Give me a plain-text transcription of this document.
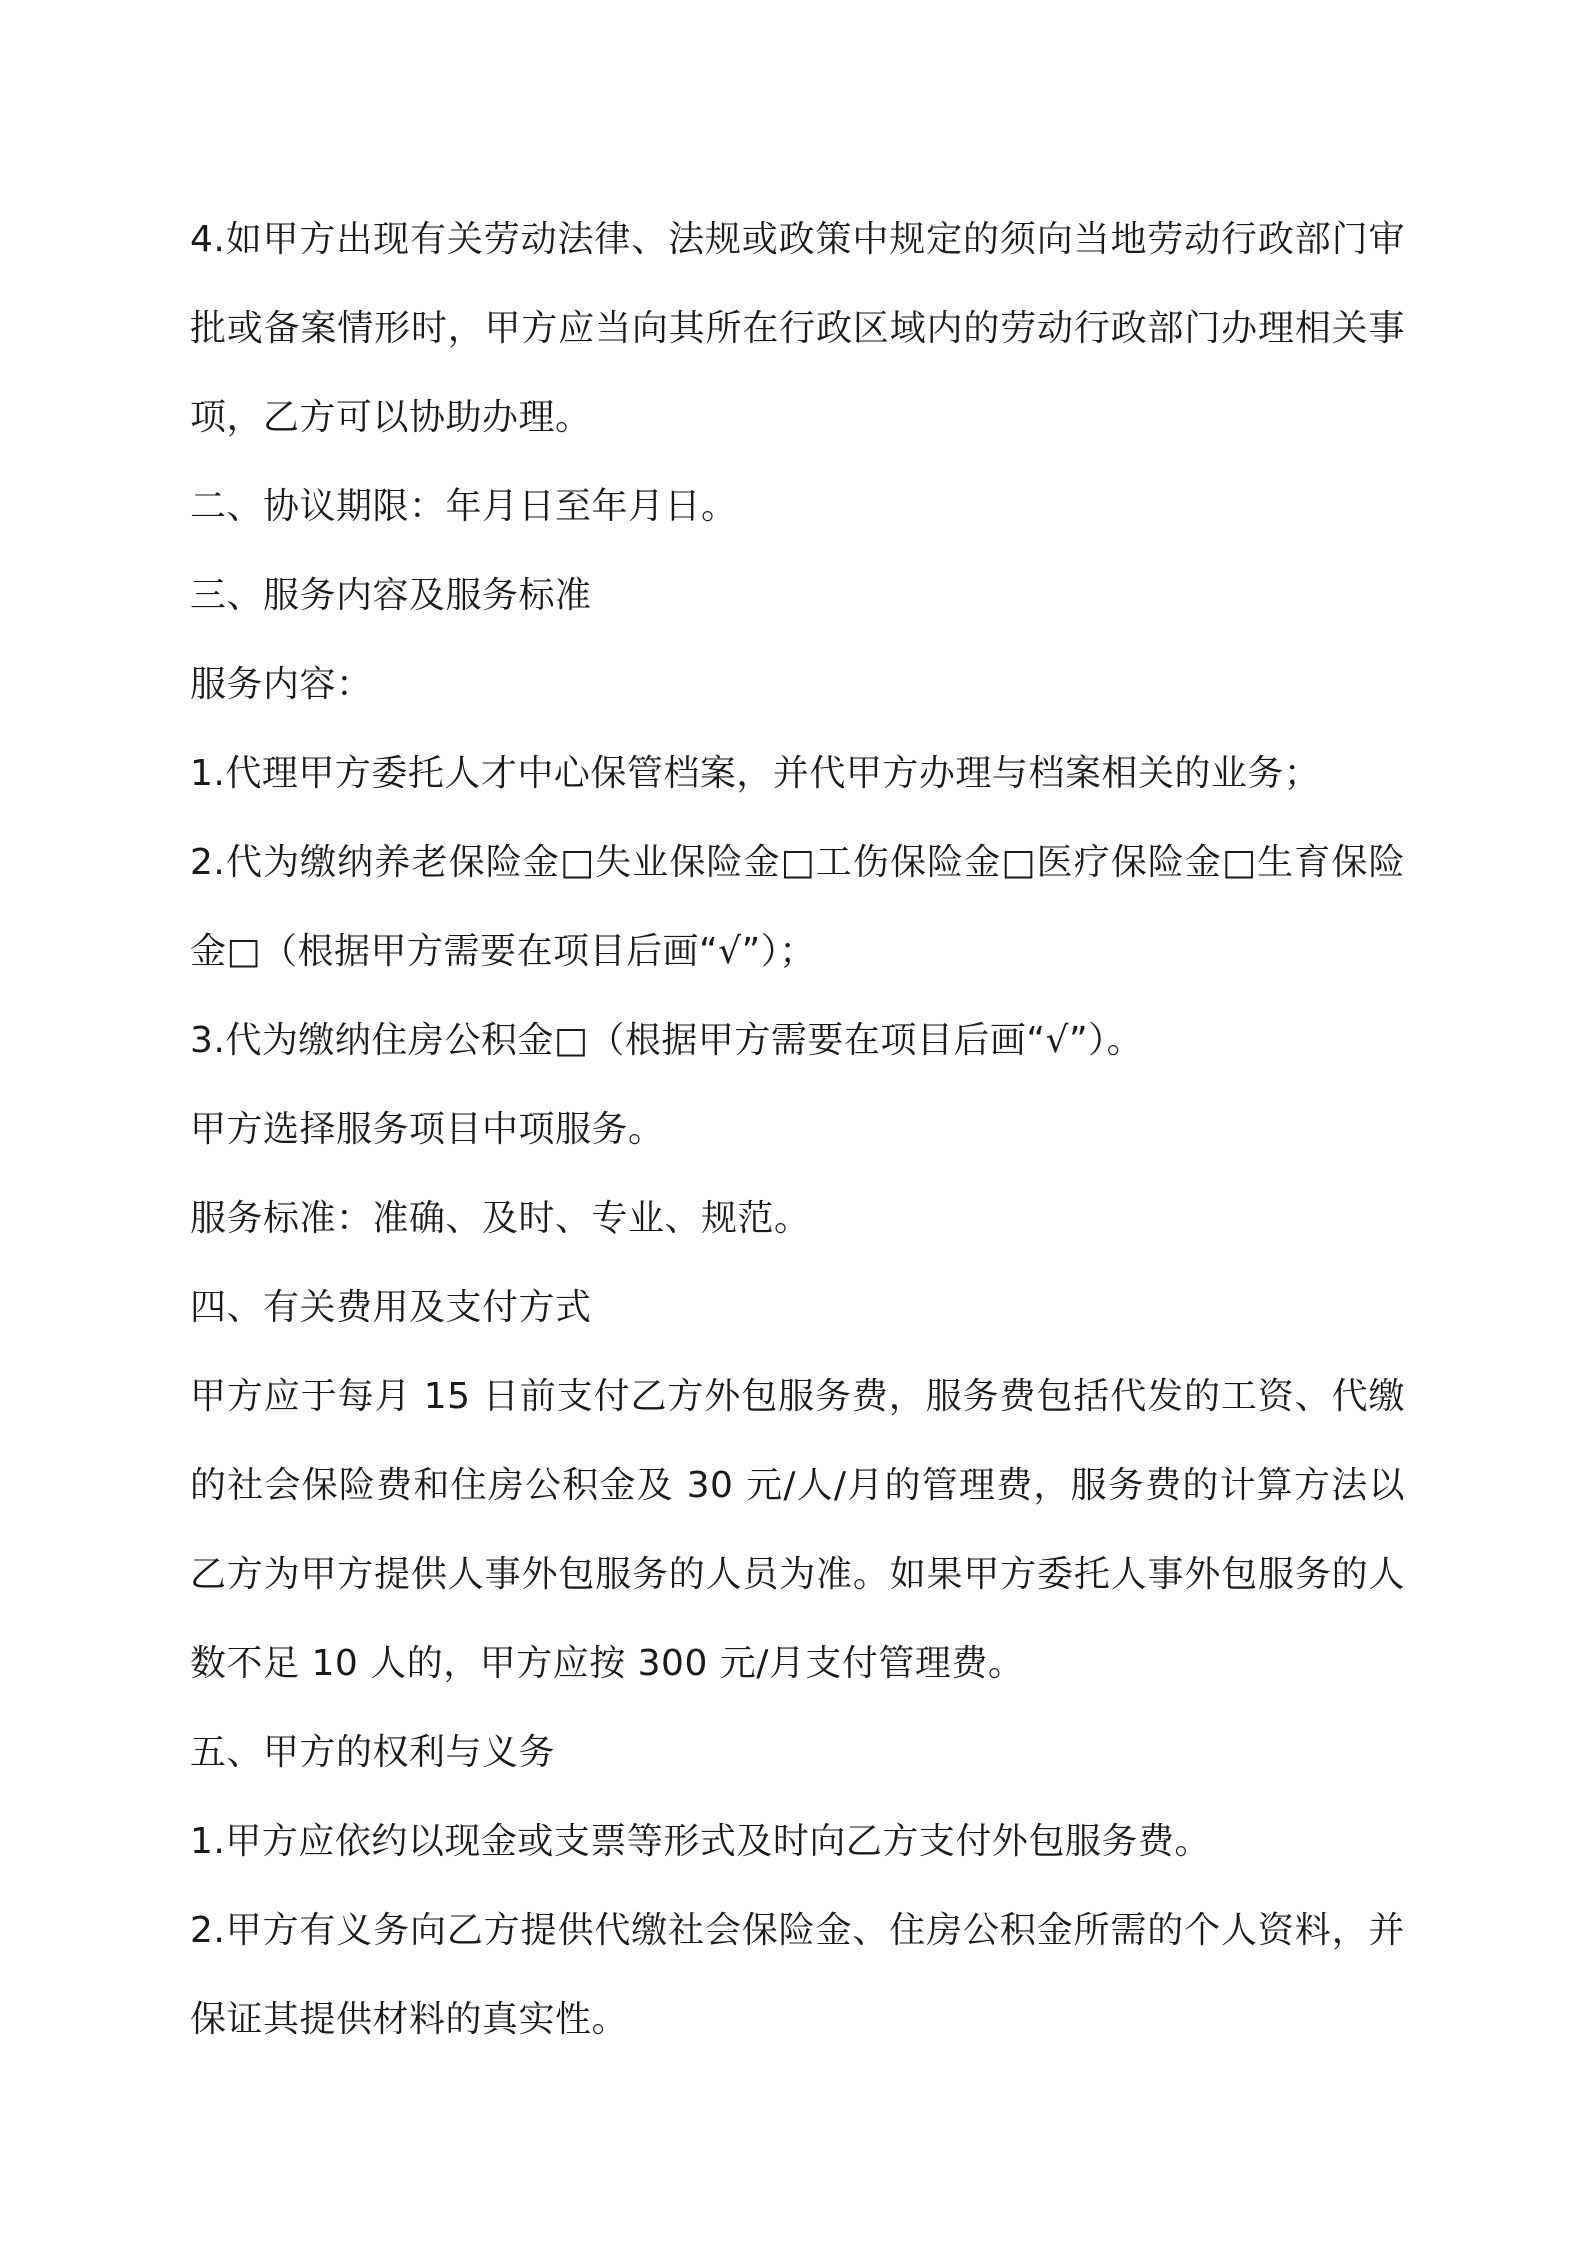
4.如甲方出现有关劳动法律、法规或政策中规定的须向当地劳动行政部门审批或备案情形时，甲方应当向其所在行政区域内的劳动行政部门办理相关事项，乙方可以协助办理。

二、协议期限：年月日至年月日。

三、服务内容及服务标准

服务内容：

1.代理甲方委托人才中心保管档案，并代甲方办理与档案相关的业务；

2.代为缴纳养老保险金□失业保险金□工伤保险金□医疗保险金□生育保险金□（根据甲方需要在项目后画“√”）；

3.代为缴纳住房公积金□（根据甲方需要在项目后画“√”）。

甲方选择服务项目中项服务。

服务标准：准确、及时、专业、规范。

四、有关费用及支付方式

甲方应于每月 15 日前支付乙方外包服务费，服务费包括代发的工资、代缴的社会保险费和住房公积金及 30 元/人/月的管理费，服务费的计算方法以乙方为甲方提供人事外包服务的人员为准。如果甲方委托人事外包服务的人数不足 10 人的，甲方应按 300 元/月支付管理费。

五、甲方的权利与义务

1.甲方应依约以现金或支票等形式及时向乙方支付外包服务费。

2.甲方有义务向乙方提供代缴社会保险金、住房公积金所需的个人资料，并保证其提供材料的真实性。
